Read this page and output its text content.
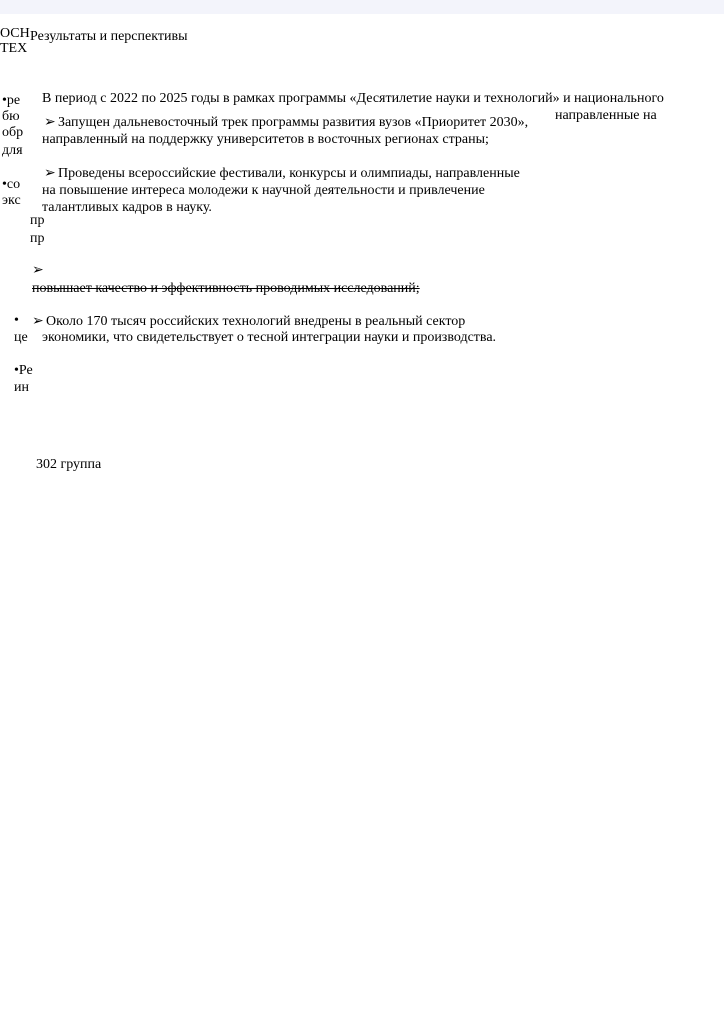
ОСН
ТЕХ
•ре
бю
обр
для
•со
экс
пр
пр
•
це
•Ре
ин
направленные на
Результаты и перспективы
В период с 2022 по 2025 годы в рамках программы «Десятилетие науки и технологий» и национального
➢ Запущен дальневосточный трек программы развития вузов «Приоритет 2030»,
направленный на поддержку университетов в восточных регионах страны;
➢ Проведены всероссийские фестивали, конкурсы и олимпиады, направленные
на повышение интереса молодежи к научной деятельности и привлечение
талантливых кадров в науку.
➢
повышает качество и эффективность проводимых исследований;
➢ Около 170 тысяч российских технологий внедрены в реальный сектор
экономики, что свидетельствует о тесной интеграции науки и производства.
302 группа
